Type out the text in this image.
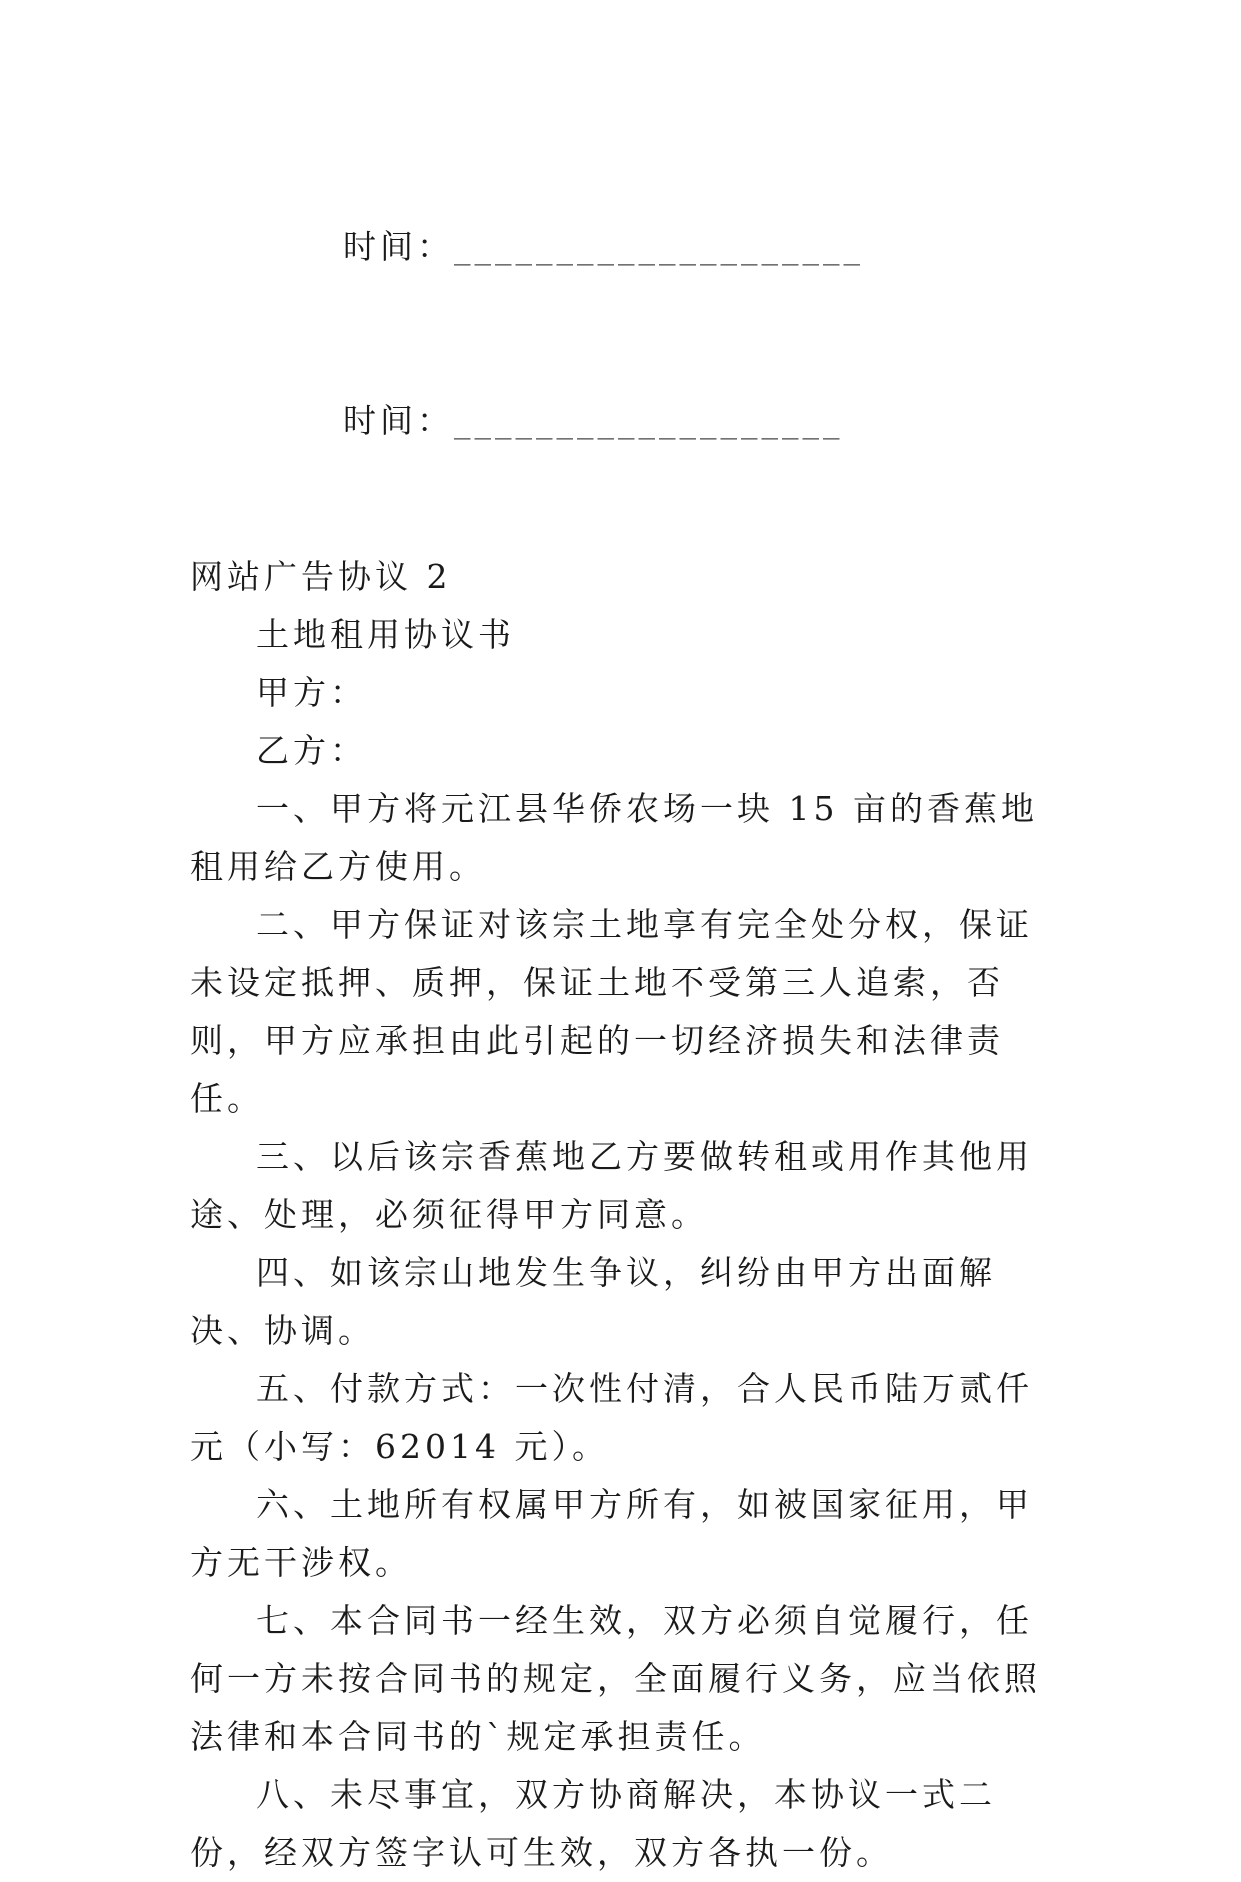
时间：____________________

时间：___________________

网站广告协议 2
土地租用协议书
甲方：
乙方：
一、甲方将元江县华侨农场一块 15 亩的香蕉地租用给乙方使用。
二、甲方保证对该宗土地享有完全处分权，保证未设定抵押、质押，保证土地不受第三人追索，否则，甲方应承担由此引起的一切经济损失和法律责任。
三、以后该宗香蕉地乙方要做转租或用作其他用途、处理，必须征得甲方同意。
四、如该宗山地发生争议，纠纷由甲方出面解决、协调。
五、付款方式：一次性付清，合人民币陆万贰仟元（小写：62014 元）。
六、土地所有权属甲方所有，如被国家征用，甲方无干涉权。
七、本合同书一经生效，双方必须自觉履行，任何一方未按合同书的规定，全面履行义务，应当依照法律和本合同书的`规定承担责任。
八、未尽事宜，双方协商解决，本协议一式二份，经双方签字认可生效，双方各执一份。
